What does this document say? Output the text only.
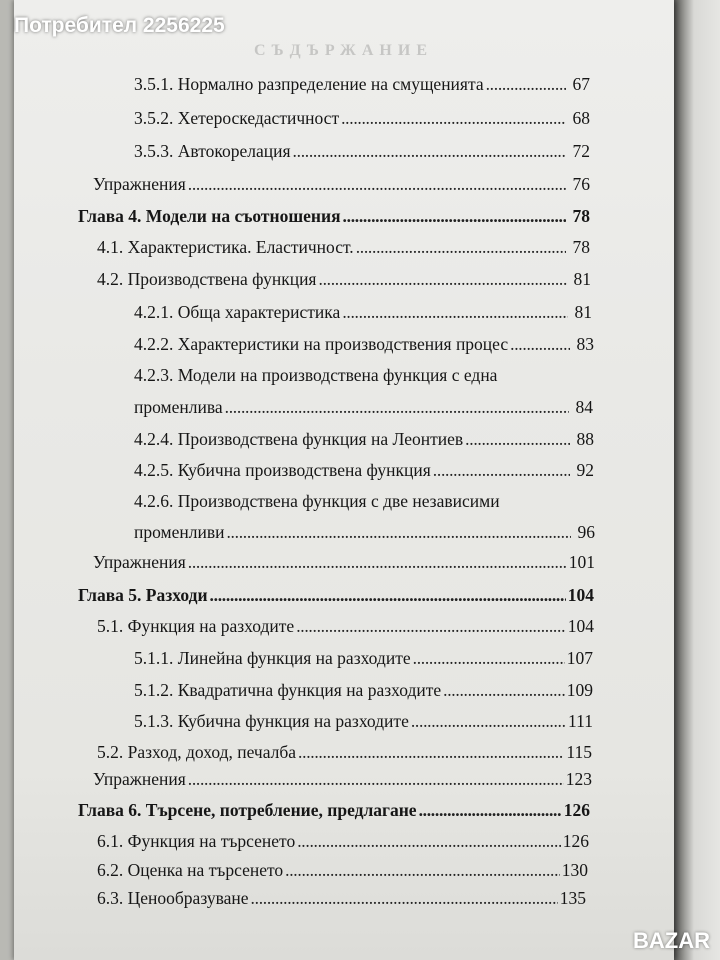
СЪДЪРЖАНИЕ
3.5.1. Нормално разпределение на смущенията .....	67
3.5.2. Хетероскедастичност .....	68
3.5.3. Автокорелация .....	72
Упражнения .....	76
Глава 4. Модели на съотношения .....	78
4.1. Характеристика. Еластичност. .....	78
4.2. Производствена функция .....	81
4.2.1. Обща характеристика .....	81
4.2.2. Характеристики на производствения процес .....	83
4.2.3. Модели на производствена функция с една
променлива .....	84
4.2.4. Производствена функция на Леонтиев .....	88
4.2.5. Кубична производствена функция .....	92
4.2.6. Производствена функция с две независими
променливи .....	96
Упражнения .....	101
Глава 5. Разходи .....	104
5.1. Функция на разходите .....	104
5.1.1. Линейна функция на разходите .....	107
5.1.2. Квадратична функция на разходите .....	109
5.1.3. Кубична функция на разходите .....	111
5.2. Разход, доход, печалба .....	115
Упражнения .....	123
Глава 6. Търсене, потребление, предлагане .....	126
6.1. Функция на търсенето .....	126
6.2. Оценка на търсенето .....	130
6.3. Ценообразуване .....	135
Потребител 2256225
BAZAR
